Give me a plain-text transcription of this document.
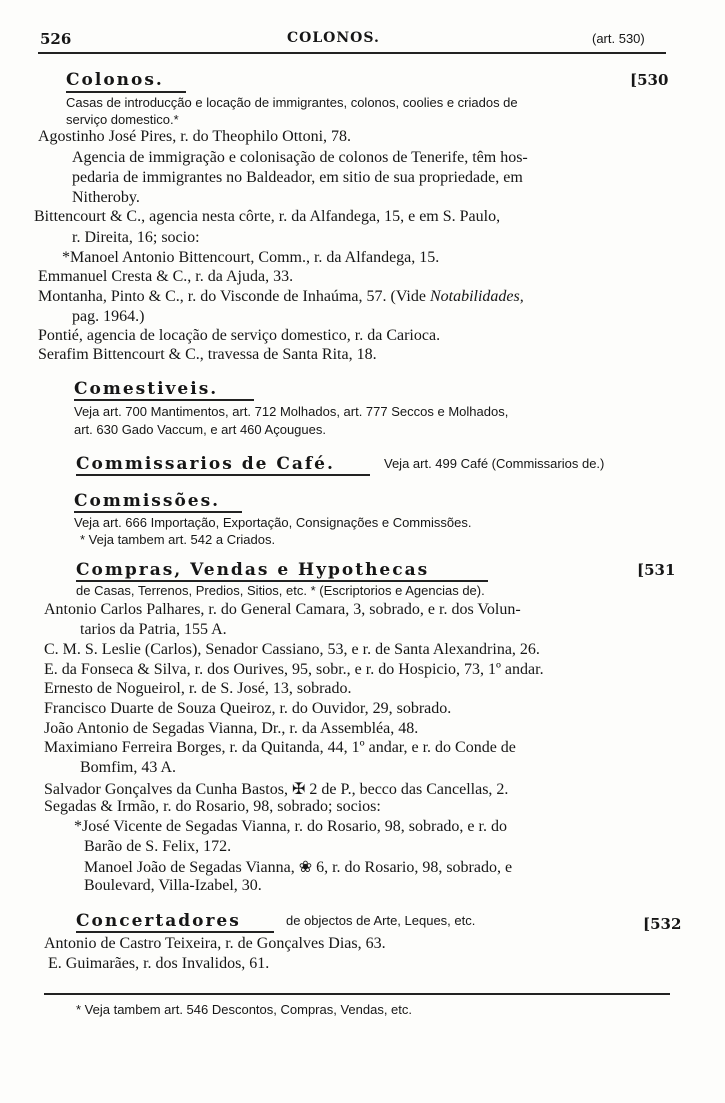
526	COLONOS.	(art. 530)
Colonos.	[530
Casas de introducção e locação de immigrantes, colonos, coolies e criados de
serviço domestico.*
Agostinho José Pires, r. do Theophilo Ottoni, 78.
Agencia de immigração e colonisação de colonos de Tenerife, têm hos-
pedaria de immigrantes no Baldeador, em sitio de sua propriedade, em
Nitheroby.
Bittencourt & C., agencia nesta côrte, r. da Alfandega, 15, e em S. Paulo,
r. Direita, 16; socio:
*Manoel Antonio Bittencourt, Comm., r. da Alfandega, 15.
Emmanuel Cresta & C., r. da Ajuda, 33.
Montanha, Pinto & C., r. do Visconde de Inhaúma, 57. (Vide Notabilidades,
pag. 1964.)
Pontié, agencia de locação de serviço domestico, r. da Carioca.
Serafim Bittencourt & C., travessa de Santa Rita, 18.
Comestiveis.
Veja art. 700 Mantimentos, art. 712 Molhados, art. 777 Seccos e Molhados,
art. 630 Gado Vaccum, e art 460 Açougues.
Commissarios de Café.	Veja art. 499 Café (Commissarios de.)
Commissões.
Veja art. 666 Importação, Exportação, Consignações e Commissões.
* Veja tambem art. 542 a Criados.
Compras, Vendas e Hypothecas	[531
de Casas, Terrenos, Predios, Sitios, etc. * (Escriptorios e Agencias de).
Antonio Carlos Palhares, r. do General Camara, 3, sobrado, e r. dos Volun-
tarios da Patria, 155 A.
C. M. S. Leslie (Carlos), Senador Cassiano, 53, e r. de Santa Alexandrina, 26.
E. da Fonseca & Silva, r. dos Ourives, 95, sobr., e r. do Hospicio, 73, 1º andar.
Ernesto de Nogueirol, r. de S. José, 13, sobrado.
Francisco Duarte de Souza Queiroz, r. do Ouvidor, 29, sobrado.
João Antonio de Segadas Vianna, Dr., r. da Assembléa, 48.
Maximiano Ferreira Borges, r. da Quitanda, 44, 1º andar, e r. do Conde de
Bomfim, 43 A.
Salvador Gonçalves da Cunha Bastos, ✠ 2 de P., becco das Cancellas, 2.
Segadas & Irmão, r. do Rosario, 98, sobrado; socios:
*José Vicente de Segadas Vianna, r. do Rosario, 98, sobrado, e r. do
Barão de S. Felix, 172.
Manoel João de Segadas Vianna, ❀ 6, r. do Rosario, 98, sobrado, e
Boulevard, Villa-Izabel, 30.
Concertadores	de objectos de Arte, Leques, etc.	[532
Antonio de Castro Teixeira, r. de Gonçalves Dias, 63.
E. Guimarães, r. dos Invalidos, 61.
* Veja tambem art. 546 Descontos, Compras, Vendas, etc.
